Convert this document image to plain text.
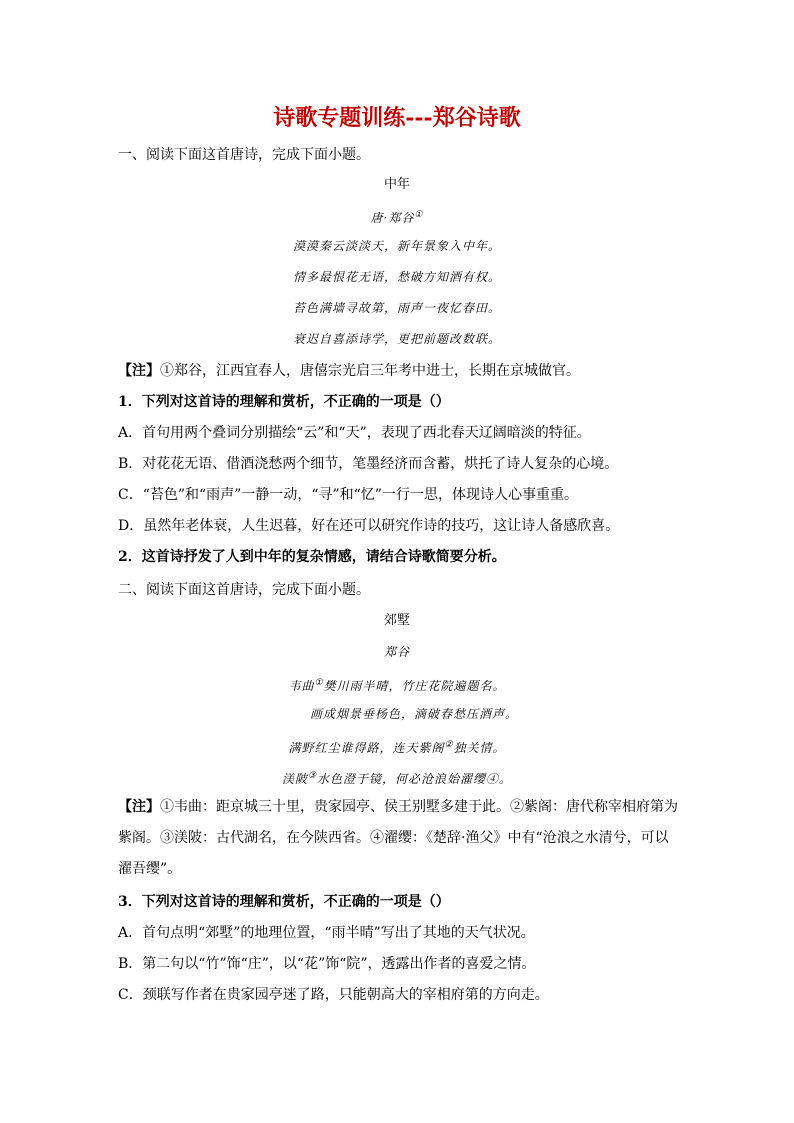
诗歌专题训练---郑谷诗歌
一、阅读下面这首唐诗，完成下面小题。
中年
唐·郑谷①
漠漠秦云淡淡天，新年景象入中年。
情多最恨花无语，愁破方知酒有权。
苔色满墙寻故第，雨声一夜忆春田。
衰迟自喜添诗学，更把前题改数联。
【注】①郑谷，江西宜春人，唐僖宗光启三年考中进士，长期在京城做官。
1．下列对这首诗的理解和赏析，不正确的一项是（）
A．首句用两个叠词分别描绘“云”和“天”，表现了西北春天辽阔暗淡的特征。
B．对花花无语、借酒浇愁两个细节，笔墨经济而含蓄，烘托了诗人复杂的心境。
C．“苔色”和“雨声”一静一动，“寻”和“忆”一行一思，体现诗人心事重重。
D．虽然年老体衰，人生迟暮，好在还可以研究作诗的技巧，这让诗人备感欣喜。
2．这首诗抒发了人到中年的复杂情感，请结合诗歌简要分析。
二、阅读下面这首唐诗，完成下面小题。
郊墅
郑谷
韦曲①樊川雨半晴，竹庄花院遍题名。
画成烟景垂杨色，滴破春愁压酒声。
满野红尘谁得路，连天紫阁②独关情。
渼陂③水色澄于镜，何必沧浪始濯缨④。
【注】①韦曲：距京城三十里，贵家园亭、侯王别墅多建于此。②紫阁：唐代称宰相府第为紫阁。③渼陂：古代湖名，在今陕西省。④濯缨：《楚辞·渔父》中有“沧浪之水清兮，可以濯吾缨”。
3．下列对这首诗的理解和赏析，不正确的一项是（）
A．首句点明“郊墅”的地理位置，“雨半晴”写出了其地的天气状况。
B．第二句以“竹”饰“庄”，以“花”饰“院”，透露出作者的喜爱之情。
C．颈联写作者在贵家园亭迷了路，只能朝高大的宰相府第的方向走。
